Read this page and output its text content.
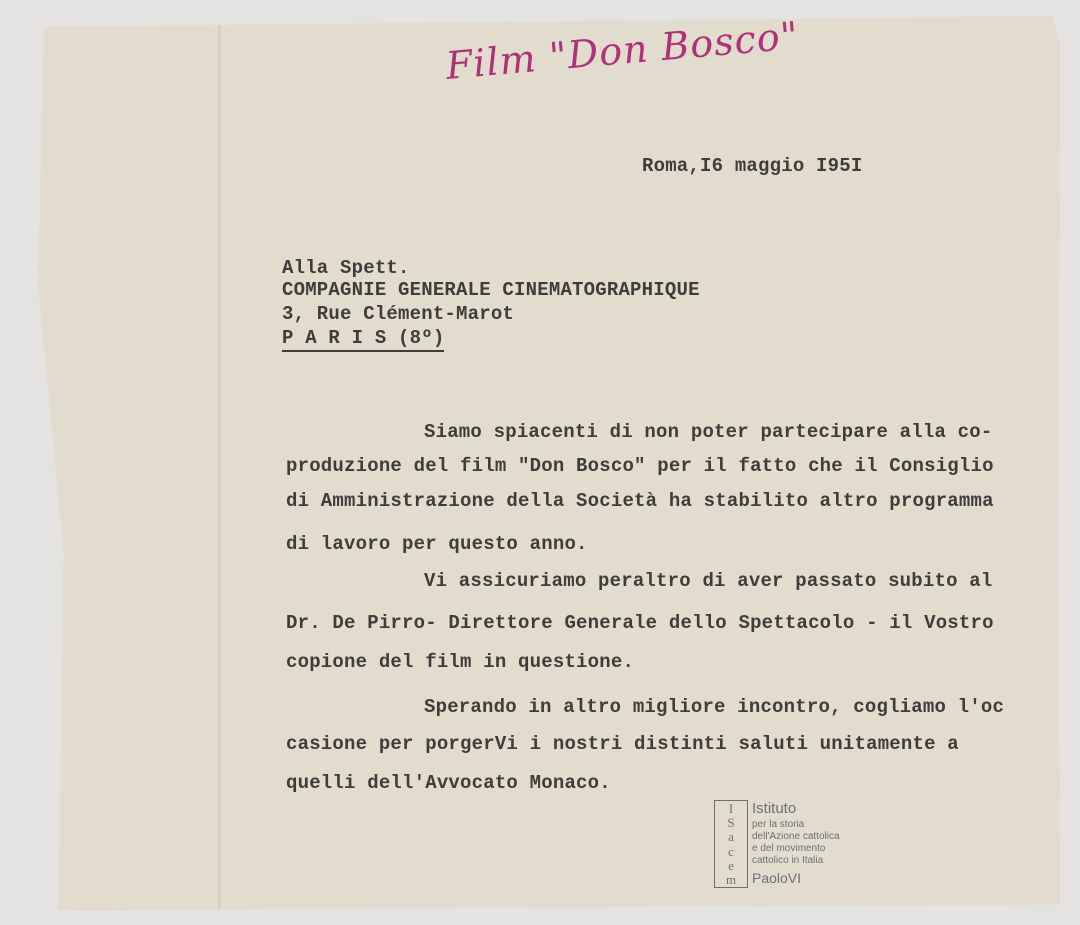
Film "Don Bosco"
Roma,I6 maggio I95I
Alla Spett.
COMPAGNIE GENERALE CINEMATOGRAPHIQUE
3, Rue Clément-Marot
P A R I S (8º)
Siamo spiacenti di non poter partecipare alla co-
produzione del film "Don Bosco" per il fatto che il Consiglio
di Amministrazione della Società ha stabilito altro programma
di lavoro per questo anno.
Vi assicuriamo peraltro di aver passato subito al
Dr. De Pirro- Direttore Generale dello Spettacolo - il Vostro
copione del film in questione.
Sperando in altro migliore incontro, cogliamo l'oc
casione per porgerVi i nostri distinti saluti unitamente a
quelli dell'Avvocato Monaco.
I
S
a
c
e
m
Istituto
per la storia
dell'Azione cattolica
e del movimento
cattolico in Italia
PaoloVI
